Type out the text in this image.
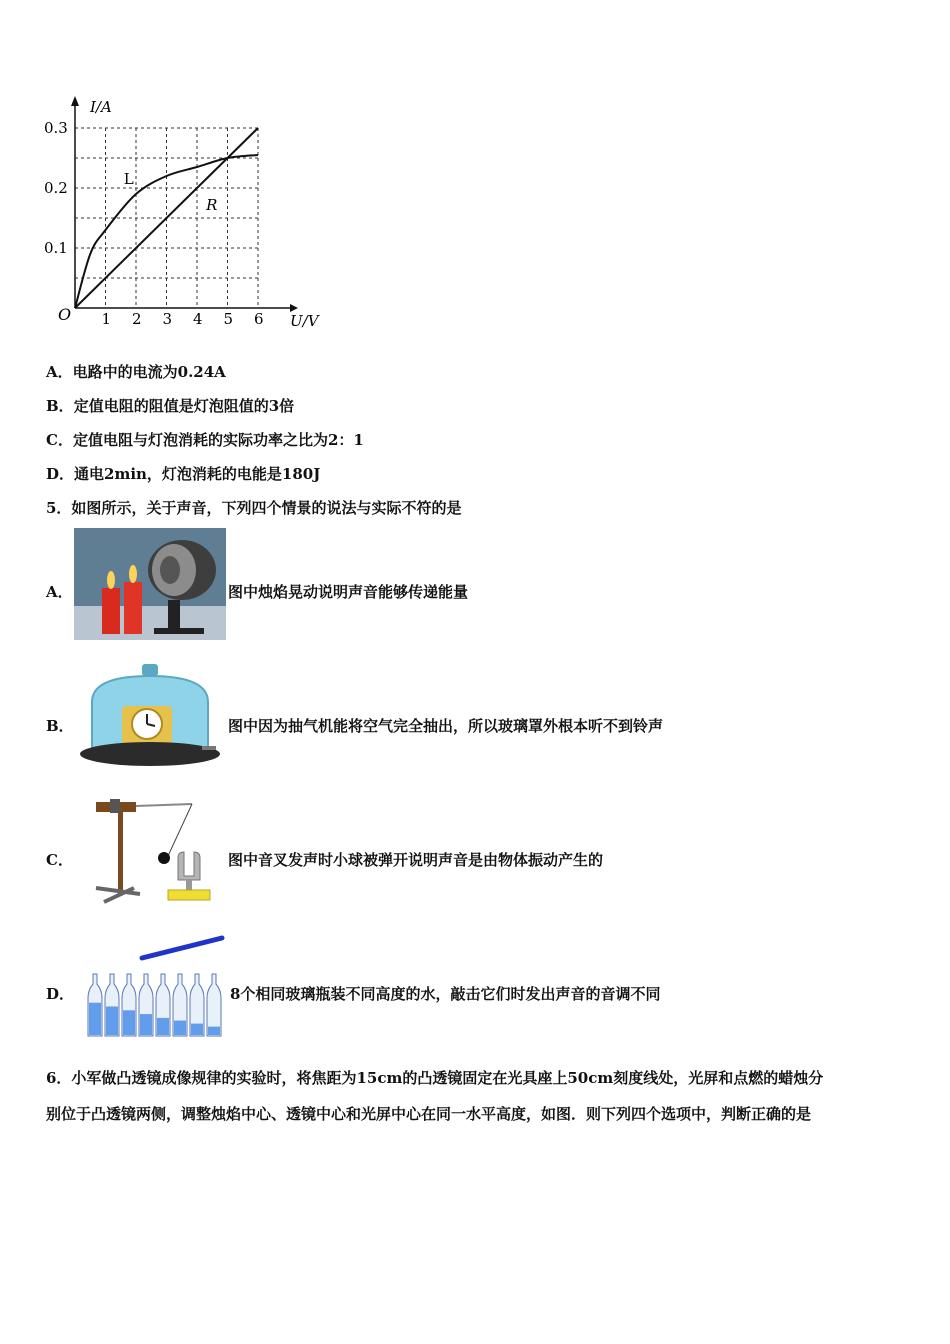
1 2 3 4 5 6
0.1
0.2
0.3
L
R
I/A
U/V
O
A．电路中的电流为0.24A
B．定值电阻的阻值是灯泡阻值的3倍
C．定值电阻与灯泡消耗的实际功率之比为2：1
D．通电2min，灯泡消耗的电能是180J
5．如图所示，关于声音，下列四个情景的说法与实际不符的是
A．	图中烛焰晃动说明声音能够传递能量
B．	图中因为抽气机能将空气完全抽出，所以玻璃罩外根本听不到铃声
C．	图中音叉发声时小球被弹开说明声音是由物体振动产生的
D．	8个相同玻璃瓶装不同高度的水，敲击它们时发出声音的音调不同
6．小军做凸透镜成像规律的实验时，将焦距为15cm的凸透镜固定在光具座上50cm刻度线处，光屏和点燃的蜡烛分
别位于凸透镜两侧，调整烛焰中心、透镜中心和光屏中心在同一水平高度，如图．则下列四个选项中，判断正确的是
